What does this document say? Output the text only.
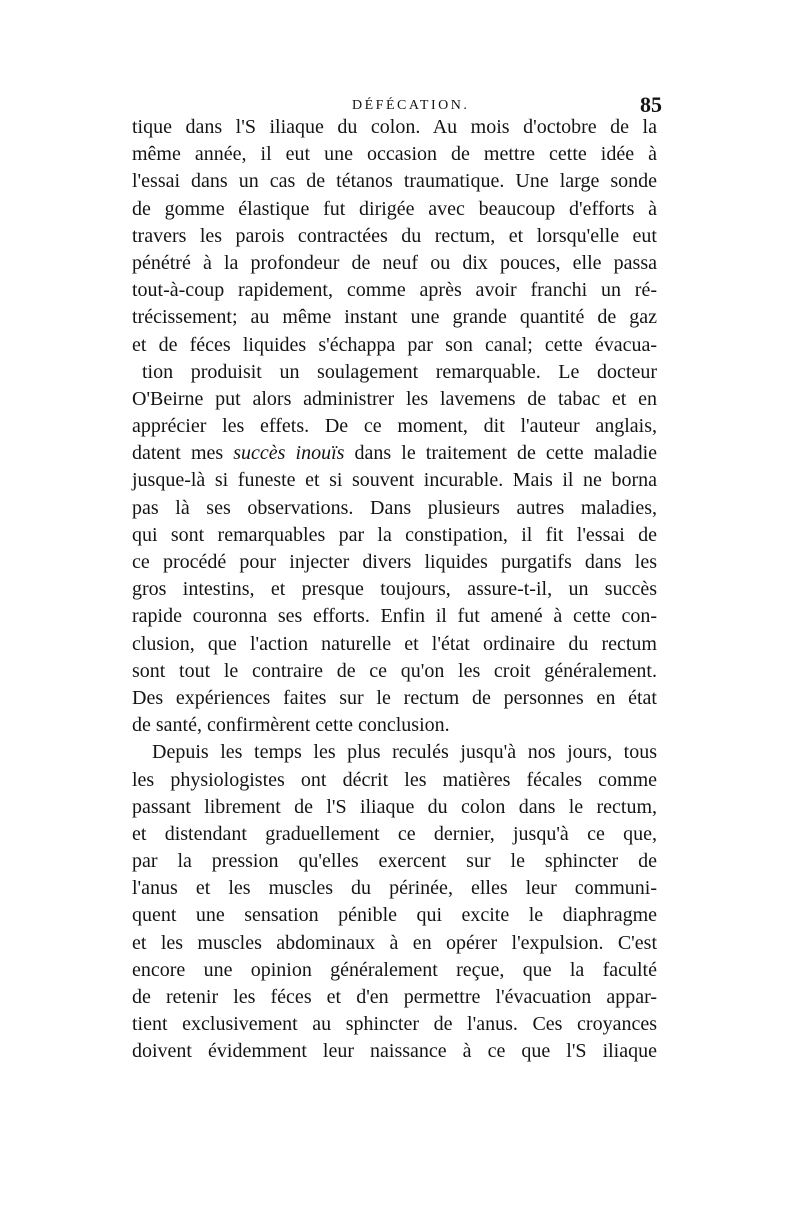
DÉFÉCATION.	85
tique dans l'S iliaque du colon. Au mois d'octobre de la
même année, il eut une occasion de mettre cette idée à
l'essai dans un cas de tétanos traumatique. Une large sonde
de gomme élastique fut dirigée avec beaucoup d'efforts à
travers les parois contractées du rectum, et lorsqu'elle eut
pénétré à la profondeur de neuf ou dix pouces, elle passa
tout-à-coup rapidement, comme après avoir franchi un ré-
trécissement; au même instant une grande quantité de gaz
et de féces liquides s'échappa par son canal; cette évacua-
tion produisit un soulagement remarquable. Le docteur
O'Beirne put alors administrer les lavemens de tabac et en
apprécier les effets. De ce moment, dit l'auteur anglais,
datent mes succès inouïs dans le traitement de cette maladie
jusque-là si funeste et si souvent incurable. Mais il ne borna
pas là ses observations. Dans plusieurs autres maladies,
qui sont remarquables par la constipation, il fit l'essai de
ce procédé pour injecter divers liquides purgatifs dans les
gros intestins, et presque toujours, assure-t-il, un succès
rapide couronna ses efforts. Enfin il fut amené à cette con-
clusion, que l'action naturelle et l'état ordinaire du rectum
sont tout le contraire de ce qu'on les croit généralement.
Des expériences faites sur le rectum de personnes en état
de santé, confirmèrent cette conclusion.
Depuis les temps les plus reculés jusqu'à nos jours, tous
les physiologistes ont décrit les matières fécales comme
passant librement de l'S iliaque du colon dans le rectum,
et distendant graduellement ce dernier, jusqu'à ce que,
par la pression qu'elles exercent sur le sphincter de
l'anus et les muscles du périnée, elles leur communi-
quent une sensation pénible qui excite le diaphragme
et les muscles abdominaux à en opérer l'expulsion. C'est
encore une opinion généralement reçue, que la faculté
de retenir les féces et d'en permettre l'évacuation appar-
tient exclusivement au sphincter de l'anus. Ces croyances
doivent évidemment leur naissance à ce que l'S iliaque
